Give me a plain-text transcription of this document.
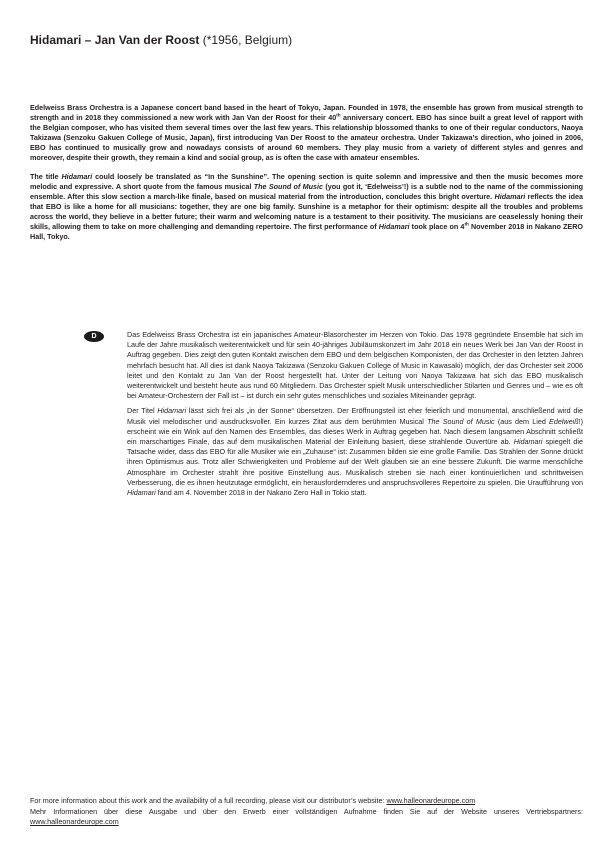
Hidamari – Jan Van der Roost (*1956, Belgium)

Edelweiss Brass Orchestra is a Japanese concert band based in the heart of Tokyo, Japan. Founded in 1978, the ensemble has grown from musical strength to strength and in 2018 they commissioned a new work with Jan Van der Roost for their 40th anniversary concert. EBO has since built a great level of rapport with the Belgian composer, who has visited them several times over the last few years. This relationship blossomed thanks to one of their regular conductors, Naoya Takizawa (Senzoku Gakuen College of Music, Japan), first introducing Van Der Roost to the amateur orchestra. Under Takizawa’s direction, who joined in 2006, EBO has continued to musically grow and nowadays consists of around 60 members. They play music from a variety of different styles and genres and moreover, despite their growth, they remain a kind and social group, as is often the case with amateur ensembles.

The title Hidamari could loosely be translated as “In the Sunshine”. The opening section is quite solemn and impressive and then the music becomes more melodic and expressive. A short quote from the famous musical The Sound of Music (you got it, ‘Edelweiss’!) is a subtle nod to the name of the commissioning ensemble. After this slow section a march-like finale, based on musical material from the introduction, concludes this bright overture. Hidamari reflects the idea that EBO is like a home for all musicians: together, they are one big family. Sunshine is a metaphor for their optimism: despite all the troubles and problems across the world, they believe in a better future; their warm and welcoming nature is a testament to their positivity. The musicians are ceaselessly honing their skills, allowing them to take on more challenging and demanding repertoire. The first performance of Hidamari took place on 4th November 2018 in Nakano ZERO Hall, Tokyo.

D	Das Edelweiss Brass Orchestra ist ein japanisches Amateur-Blasorchester im Herzen von Tokio. Das 1978 gegründete Ensemble hat sich im Laufe der Jahre musikalisch weiterentwickelt und für sein 40-jähriges Jubiläumskonzert im Jahr 2018 ein neues Werk bei Jan Van der Roost in Auftrag gegeben. Dies zeigt den guten Kontakt zwischen dem EBO und dem belgischen Komponisten, der das Orchester in den letzten Jahren mehrfach besucht hat. All dies ist dank Naoya Takizawa (Senzoku Gakuen College of Music in Kawasaki) möglich, der das Orchester seit 2006 leitet und den Kontakt zu Jan Van der Roost hergestellt hat. Unter der Leitung von Naoya Takizawa hat sich das EBO musikalisch weiterentwickelt und besteht heute aus rund 60 Mitgliedern. Das Orchester spielt Musik unterschiedlicher Stilarten und Genres und – wie es oft bei Amateur-Orchestern der Fall ist – ist durch ein sehr gutes menschliches und soziales Miteinander geprägt.

Der Titel Hidamari lässt sich frei als „in der Sonne“ übersetzen. Der Eröffnungsteil ist eher feierlich und monumental, anschließend wird die Musik viel melodischer und ausdrucksvoller. Ein kurzes Zitat aus dem berühmten Musical The Sound of Music (aus dem Lied Edelweiß!) erscheint wie ein Wink auf den Namen des Ensembles, das dieses Werk in Auftrag gegeben hat. Nach diesem langsamen Abschnitt schließt ein marschartiges Finale, das auf dem musikalischen Material der Einleitung basiert, diese strahlende Ouvertüre ab. Hidamari spiegelt die Tatsache wider, dass das EBO für alle Musiker wie ein „Zuhause“ ist: Zusammen bilden sie eine große Familie. Das Strahlen der Sonne drückt ihren Optimismus aus. Trotz aller Schwierigkeiten und Probleme auf der Welt glauben sie an eine bessere Zukunft. Die warme menschliche Atmosphäre im Orchester strahlt ihre positive Einstellung aus. Musikalisch streben sie nach einer kontinuierlichen und schrittweisen Verbesserung, die es ihnen heutzutage ermöglicht, ein herausfordernderes und anspruchsvolleres Repertoire zu spielen. Die Uraufführung von Hidamari fand am 4. November 2018 in der Nakano Zero Hall in Tokio statt.

For more information about this work and the availability of a full recording, please visit our distributor’s website: www.halleonardeurope.com

Mehr Informationen über diese Ausgabe und über den Erwerb einer vollständigen Aufnahme finden Sie auf der Website unseres Vertriebspartners:

www.halleonardeurope.com
